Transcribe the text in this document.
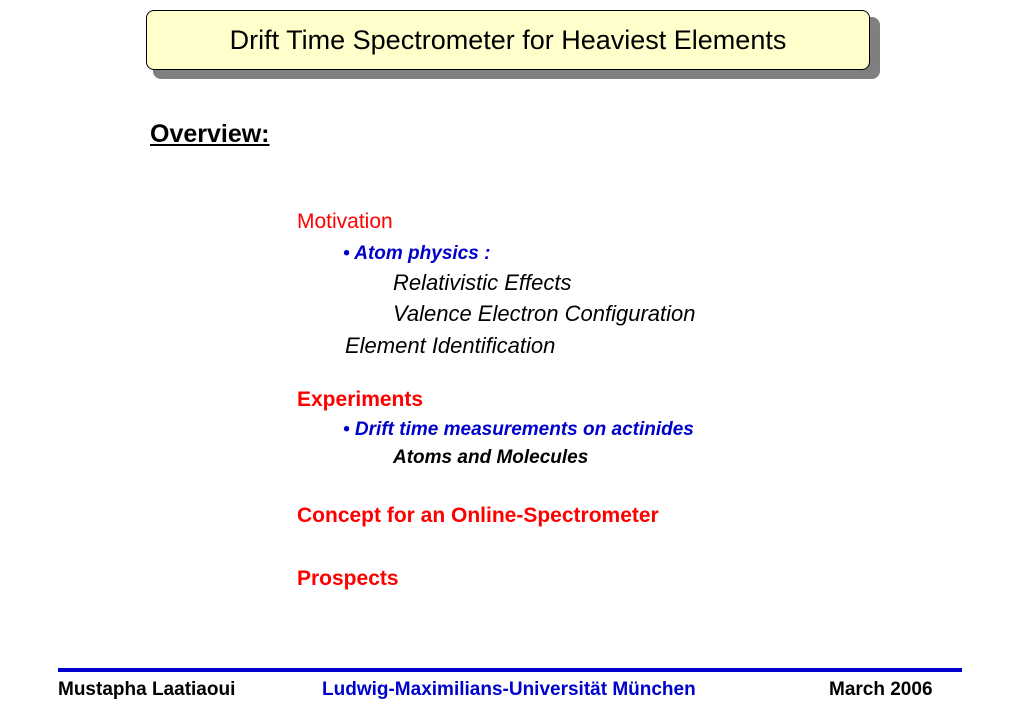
Drift Time Spectrometer for Heaviest Elements
Overview:
Motivation
• Atom physics :
Relativistic Effects
Valence Electron Configuration
Element Identification
Experiments
• Drift time measurements on actinides
Atoms and Molecules
Concept for an Online-Spectrometer
Prospects
Mustapha Laatiaoui	Ludwig-Maximilians-Universität München	March 2006
